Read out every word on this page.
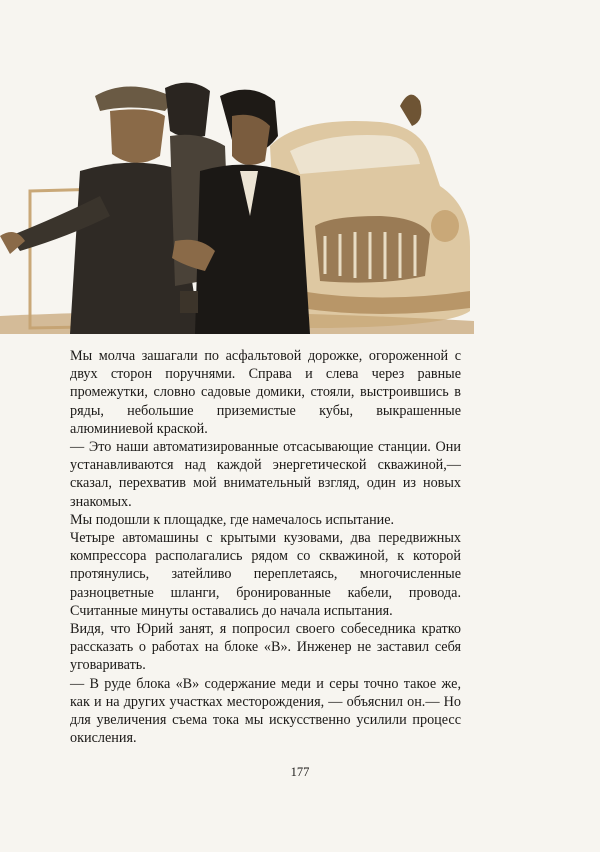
Мы молча зашагали по асфальтовой дорожке, огороженной с двух сторон поручнями. Справа и слева через равные промежутки, словно садовые домики, стояли, выстроившись в ряды, небольшие приземистые кубы, выкрашенные алюминиевой краской.

— Это наши автоматизированные отсасывающие станции. Они устанавливаются над каждой энергетической скважиной,— сказал, перехватив мой внимательный взгляд, один из новых знакомых.

Мы подошли к площадке, где намечалось испытание.

Четыре автомашины с крытыми кузовами, два передвижных компрессора располагались рядом со скважиной, к которой протянулись, затейливо переплетаясь, многочисленные разноцветные шланги, бронированные кабели, провода. Считанные минуты оставались до начала испытания.

Видя, что Юрий занят, я попросил своего собеседника кратко рассказать о работах на блоке «В». Инженер не заставил себя уговаривать.

— В руде блока «В» содержание меди и серы точно такое же, как и на других участках месторождения, — объяснил он.— Но для увеличения съема тока мы искусственно усилили процесс окисления.

177
